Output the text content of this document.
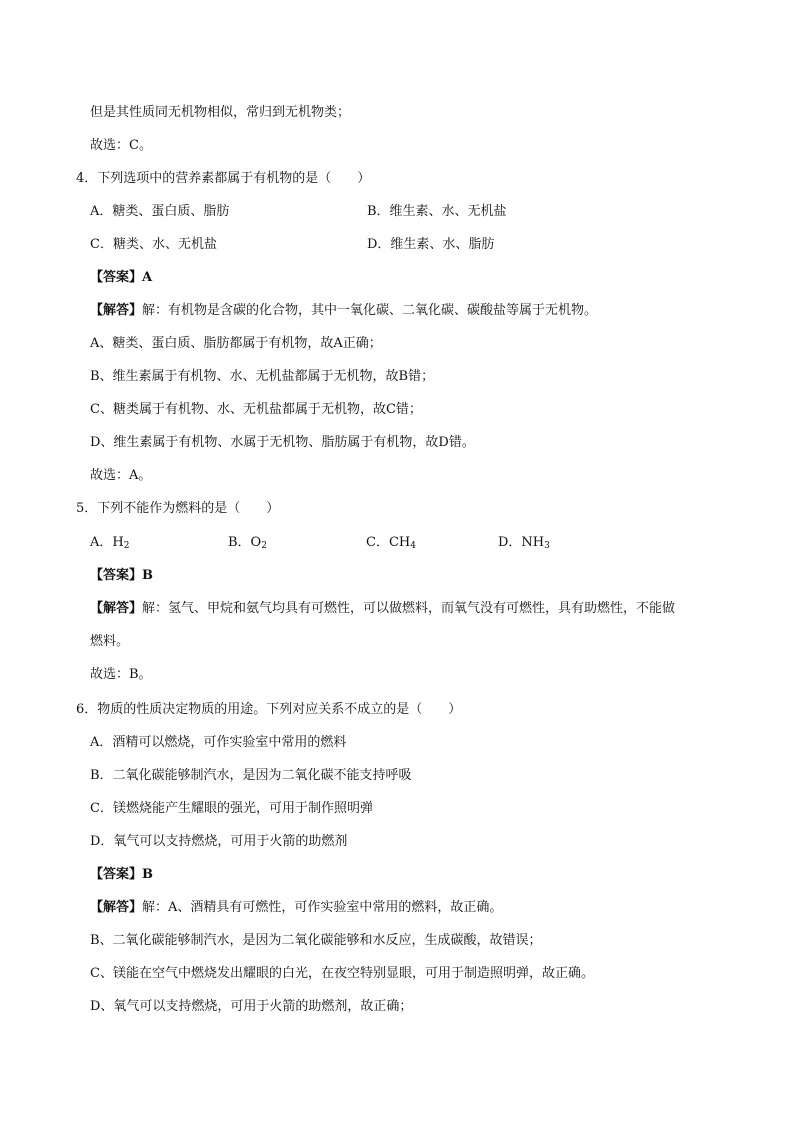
但是其性质同无机物相似，常归到无机物类；
故选：C。
4．下列选项中的营养素都属于有机物的是（　　）
A．糖类、蛋白质、脂肪	B．维生素、水、无机盐
C．糖类、水、无机盐	D．维生素、水、脂肪
【答案】A
【解答】解：有机物是含碳的化合物，其中一氧化碳、二氧化碳、碳酸盐等属于无机物。
A、糖类、蛋白质、脂肪都属于有机物，故A正确；
B、维生素属于有机物、水、无机盐都属于无机物，故B错；
C、糖类属于有机物、水、无机盐都属于无机物，故C错；
D、维生素属于有机物、水属于无机物、脂肪属于有机物，故D错。
故选：A。
5．下列不能作为燃料的是（　　）
A．$H_2$	B．$O_2$	C．$CH_4$	D．$NH_3$
【答案】B
【解答】解：氢气、甲烷和氨气均具有可燃性，可以做燃料，而氧气没有可燃性，具有助燃性，不能做
燃料。
故选：B。
6．物质的性质决定物质的用途。下列对应关系不成立的是（　　）
A．酒精可以燃烧，可作实验室中常用的燃料
B．二氧化碳能够制汽水，是因为二氧化碳不能支持呼吸
C．镁燃烧能产生耀眼的强光，可用于制作照明弹
D．氧气可以支持燃烧，可用于火箭的助燃剂
【答案】B
【解答】解：A、酒精具有可燃性，可作实验室中常用的燃料，故正确。
B、二氧化碳能够制汽水，是因为二氧化碳能够和水反应，生成碳酸，故错误；
C、镁能在空气中燃烧发出耀眼的白光，在夜空特别显眼，可用于制造照明弹，故正确。
D、氧气可以支持燃烧，可用于火箭的助燃剂，故正确；
